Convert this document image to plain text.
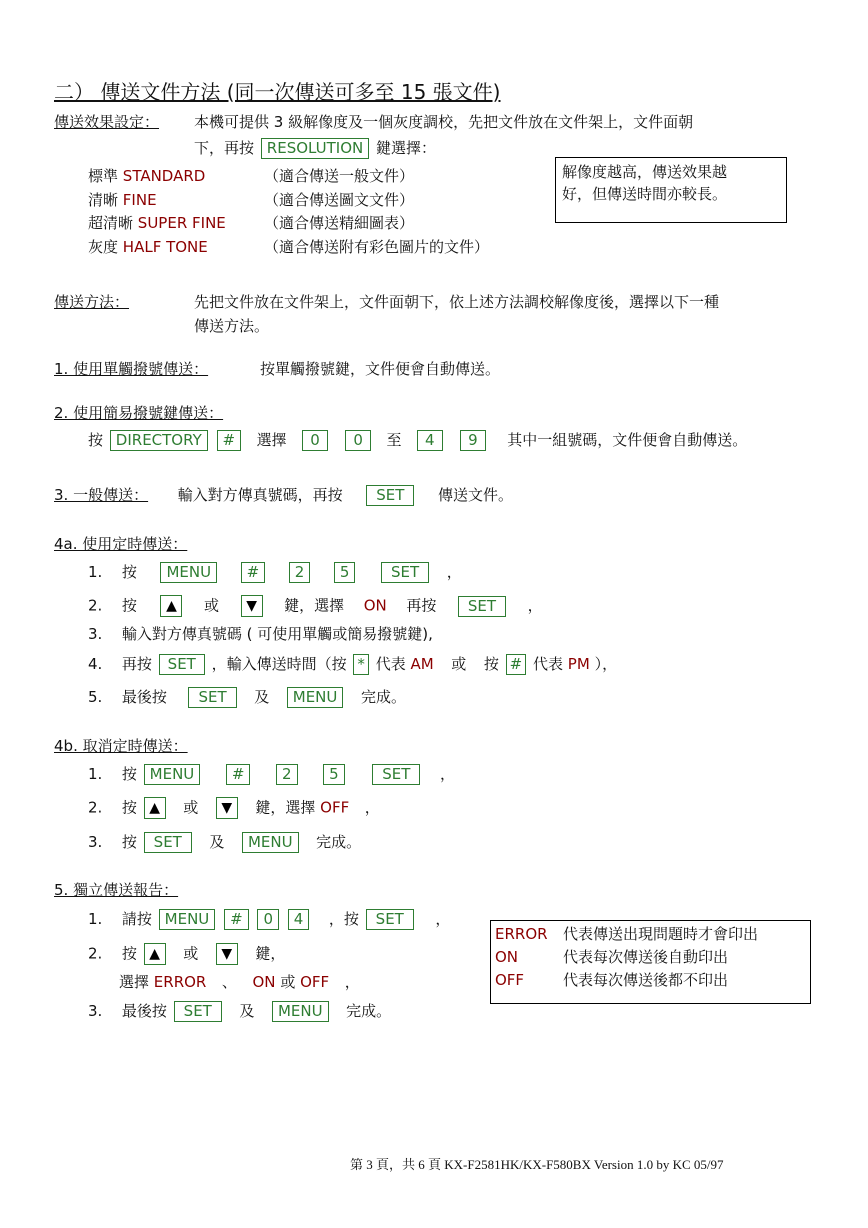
二） 傳送文件方法 (同一次傳送可多至 15 張文件)
傳送效果設定： 本機可提供 3 級解像度及一個灰度調校，先把文件放在文件架上，文件面朝
下，再按 RESOLUTION 鍵選擇：
解像度越高，傳送效果越
好，但傳送時間亦較長。
標準 STANDARD	（適合傳送一般文件）
清晰 FINE	（適合傳送圖文文件）
超清晰 SUPER FINE	（適合傳送精細圖表）
灰度 HALF TONE	（適合傳送附有彩色圖片的文件）
傳送方法：	先把文件放在文件架上，文件面朝下，依上述方法調校解像度後，選擇以下一種
傳送方法。
1. 使用單觸撥號傳送：	按單觸撥號鍵，文件便會自動傳送。
2. 使用簡易撥號鍵傳送：
按 DIRECTORY # 選擇 0 0 至 4 9 其中一組號碼，文件便會自動傳送。
3. 一般傳送： 輸入對方傳真號碼，再按 SET 傳送文件。
4a. 使用定時傳送：
1. 按 MENU # 2 5	SET ，
2. 按 ▲ 或 ▼ 鍵，選擇 ON 再按 SET ，
3. 輸入對方傳真號碼 ( 可使用單觸或簡易撥號鍵),
4. 再按 SET ，輸入傳送時間（按 * 代表 AM 或 按 # 代表 PM ），
5. 最後按 SET 及 MENU 完成。
4b. 取消定時傳送：
1. 按 MENU	#	2	5	SET ，
2. 按 ▲ 或 ▼ 鍵，選擇 OFF ，
3. 按 SET 及 MENU 完成。
5. 獨立傳送報告：
1. 請按 MENU # 0 4 ，按 SET ，
2. 按 ▲ 或 ▼ 鍵，
選擇 ERROR 、 ON 或 OFF ，
3. 最後按 SET 及 MENU 完成。
ERROR 代表傳送出現問題時才會印出
ON	代表每次傳送後自動印出
OFF	代表每次傳送後都不印出
第 3 頁，共 6 頁 KX-F2581HK/KX-F580BX Version 1.0 by KC 05/97
